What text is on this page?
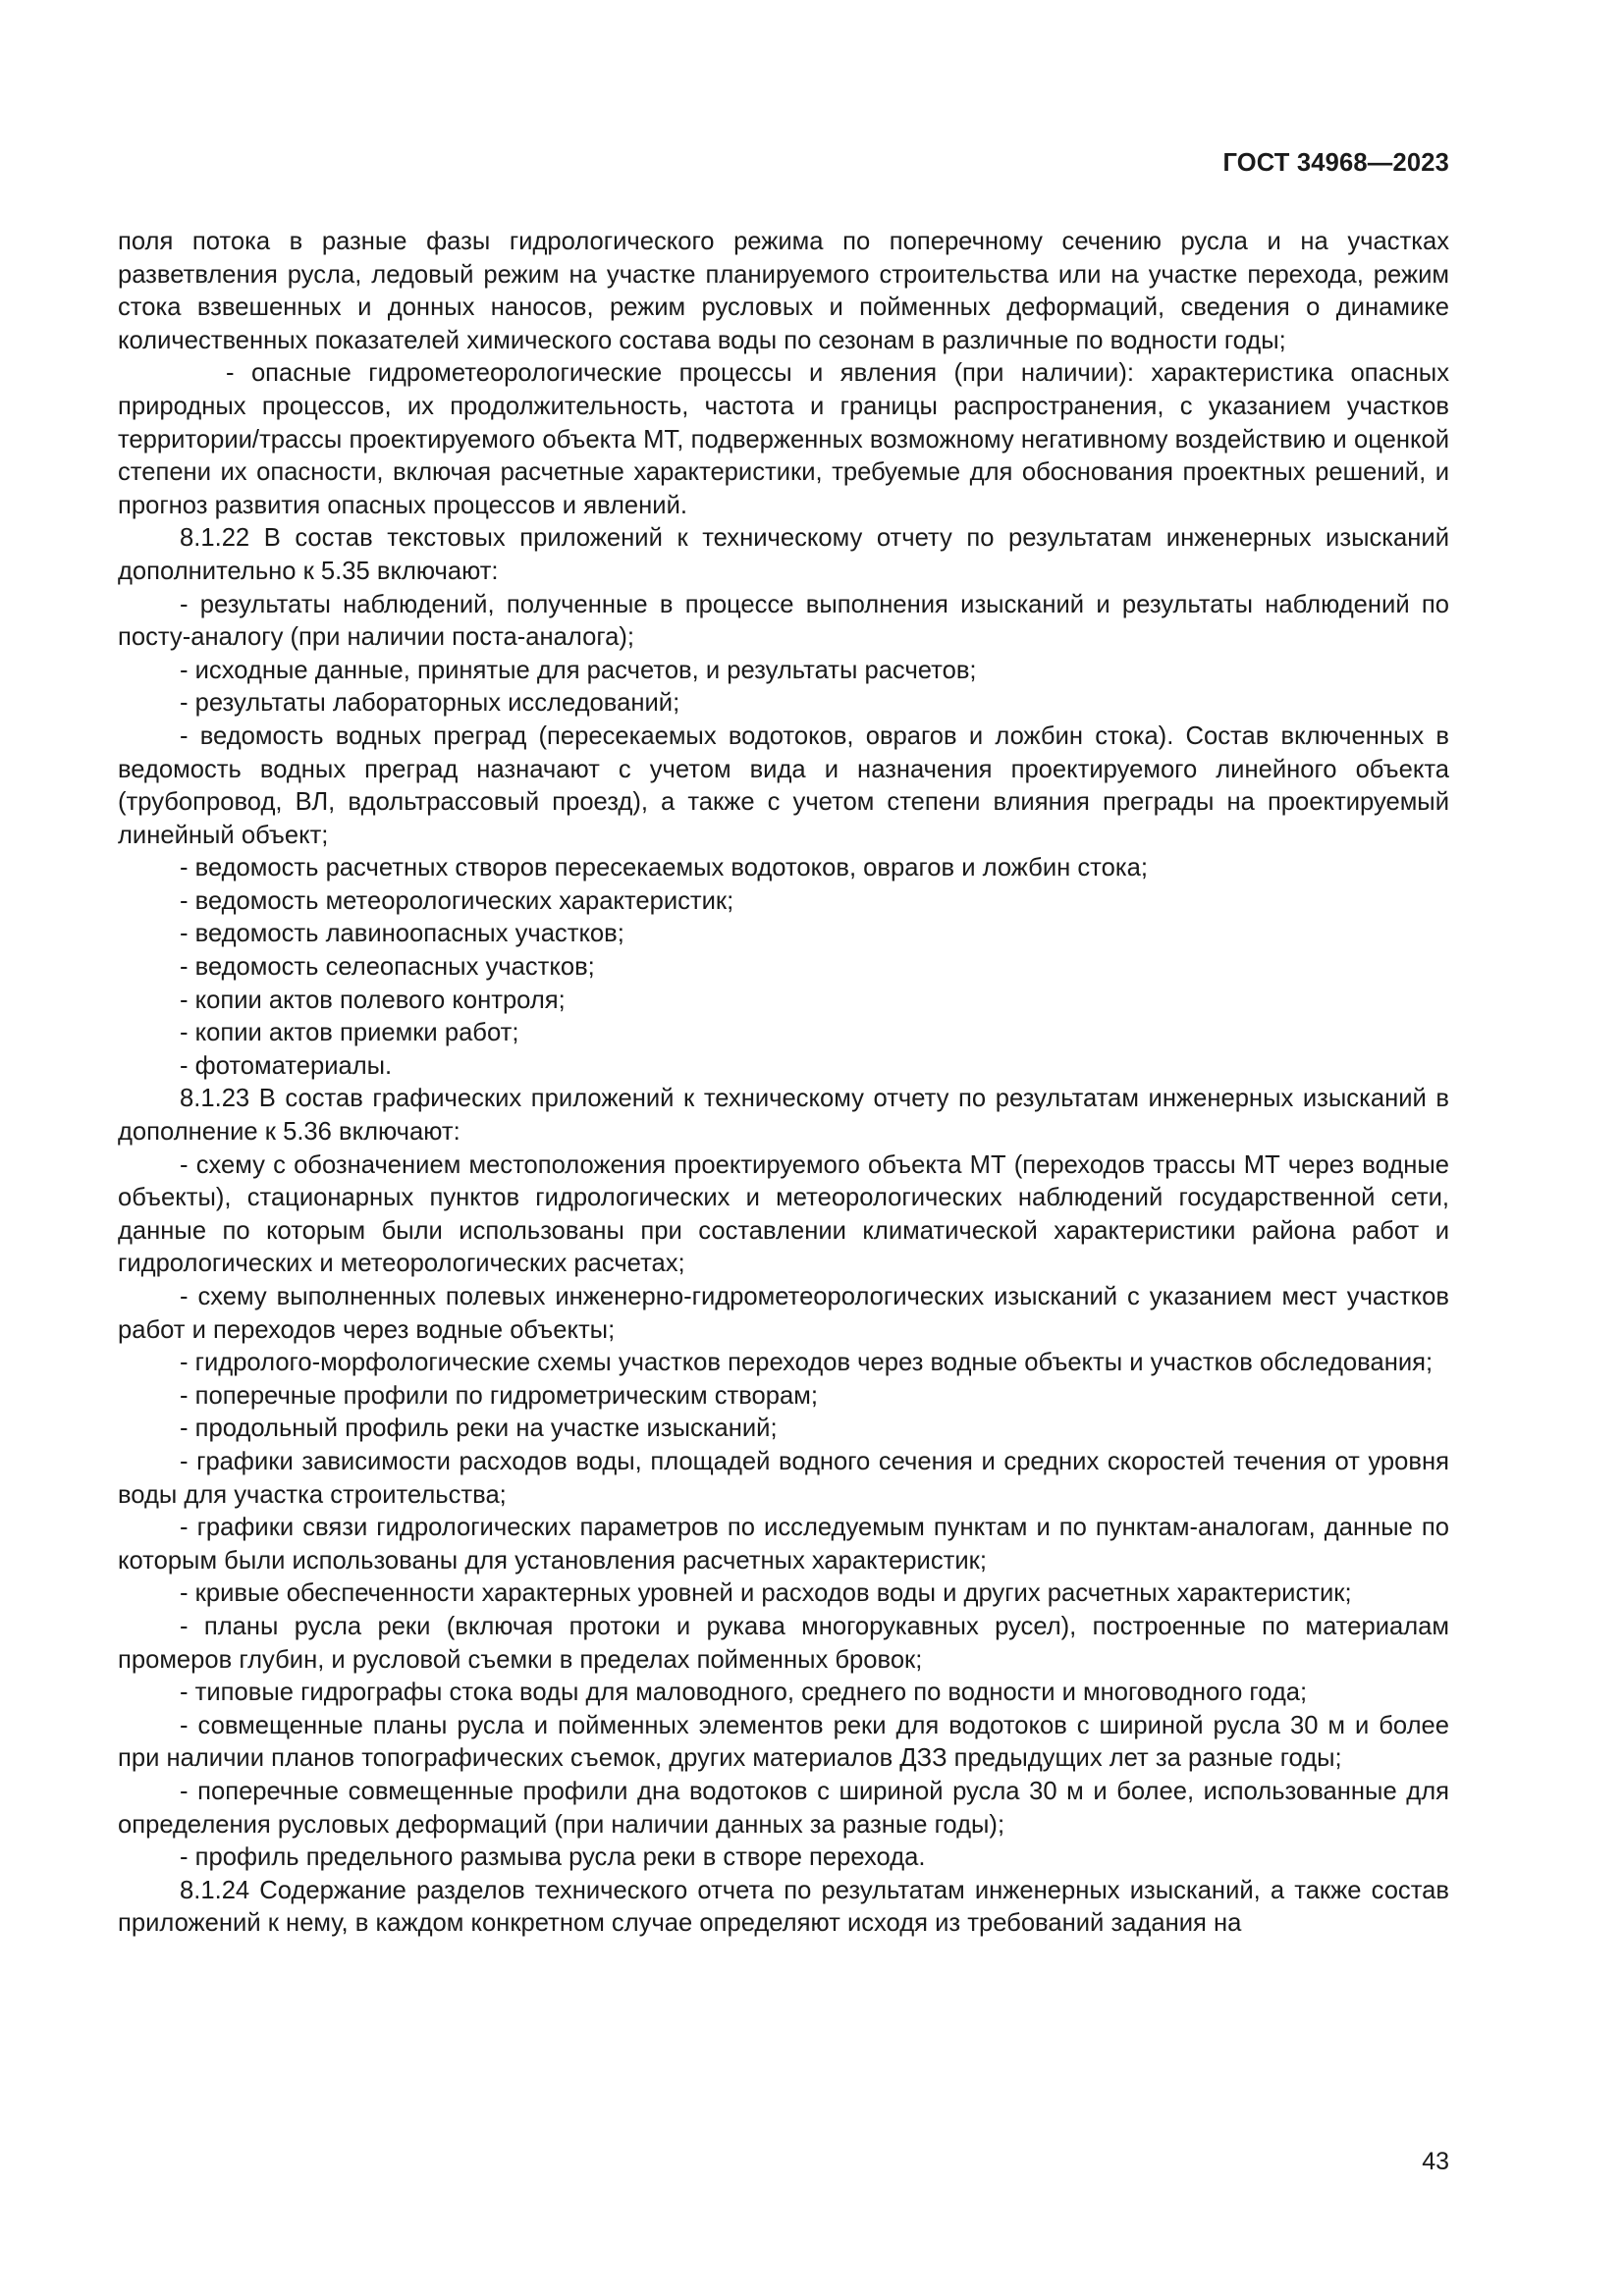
ГОСТ 34968—2023

поля потока в разные фазы гидрологического режима по поперечному сечению русла и на участках разветвления русла, ледовый режим на участке планируемого строительства или на участке перехода, режим стока взвешенных и донных наносов, режим русловых и пойменных деформаций, сведения о динамике количественных показателей химического состава воды по сезонам в различные по водности годы;

- опасные гидрометеорологические процессы и явления (при наличии): характеристика опасных природных процессов, их продолжительность, частота и границы распространения, с указанием участков территории/трассы проектируемого объекта МТ, подверженных возможному негативному воздействию и оценкой степени их опасности, включая расчетные характеристики, требуемые для обоснования проектных решений, и прогноз развития опасных процессов и явлений.

8.1.22 В состав текстовых приложений к техническому отчету по результатам инженерных изысканий дополнительно к 5.35 включают:

- результаты наблюдений, полученные в процессе выполнения изысканий и результаты наблюдений по посту-аналогу (при наличии поста-аналога);

- исходные данные, принятые для расчетов, и результаты расчетов;

- результаты лабораторных исследований;

- ведомость водных преград (пересекаемых водотоков, оврагов и ложбин стока). Состав включенных в ведомость водных преград назначают с учетом вида и назначения проектируемого линейного объекта (трубопровод, ВЛ, вдольтрассовый проезд), а также с учетом степени влияния преграды на проектируемый линейный объект;

- ведомость расчетных створов пересекаемых водотоков, оврагов и ложбин стока;

- ведомость метеорологических характеристик;

- ведомость лавиноопасных участков;

- ведомость селеопасных участков;

- копии актов полевого контроля;

- копии актов приемки работ;

- фотоматериалы.

8.1.23 В состав графических приложений к техническому отчету по результатам инженерных изысканий в дополнение к 5.36 включают:

- схему с обозначением местоположения проектируемого объекта МТ (переходов трассы МТ через водные объекты), стационарных пунктов гидрологических и метеорологических наблюдений государственной сети, данные по которым были использованы при составлении климатической характеристики района работ и гидрологических и метеорологических расчетах;

- схему выполненных полевых инженерно-гидрометеорологических изысканий с указанием мест участков работ и переходов через водные объекты;

- гидролого-морфологические схемы участков переходов через водные объекты и участков обследования;

- поперечные профили по гидрометрическим створам;

- продольный профиль реки на участке изысканий;

- графики зависимости расходов воды, площадей водного сечения и средних скоростей течения от уровня воды для участка строительства;

- графики связи гидрологических параметров по исследуемым пунктам и по пунктам-аналогам, данные по которым были использованы для установления расчетных характеристик;

- кривые обеспеченности характерных уровней и расходов воды и других расчетных характеристик;

- планы русла реки (включая протоки и рукава многорукавных русел), построенные по материалам промеров глубин, и русловой съемки в пределах пойменных бровок;

- типовые гидрографы стока воды для маловодного, среднего по водности и многоводного года;

- совмещенные планы русла и пойменных элементов реки для водотоков с шириной русла 30 м и более при наличии планов топографических съемок, других материалов ДЗЗ предыдущих лет за разные годы;

- поперечные совмещенные профили дна водотоков с шириной русла 30 м и более, использованные для определения русловых деформаций (при наличии данных за разные годы);

- профиль предельного размыва русла реки в створе перехода.

8.1.24 Содержание разделов технического отчета по результатам инженерных изысканий, а также состав приложений к нему, в каждом конкретном случае определяют исходя из требований задания на

43
